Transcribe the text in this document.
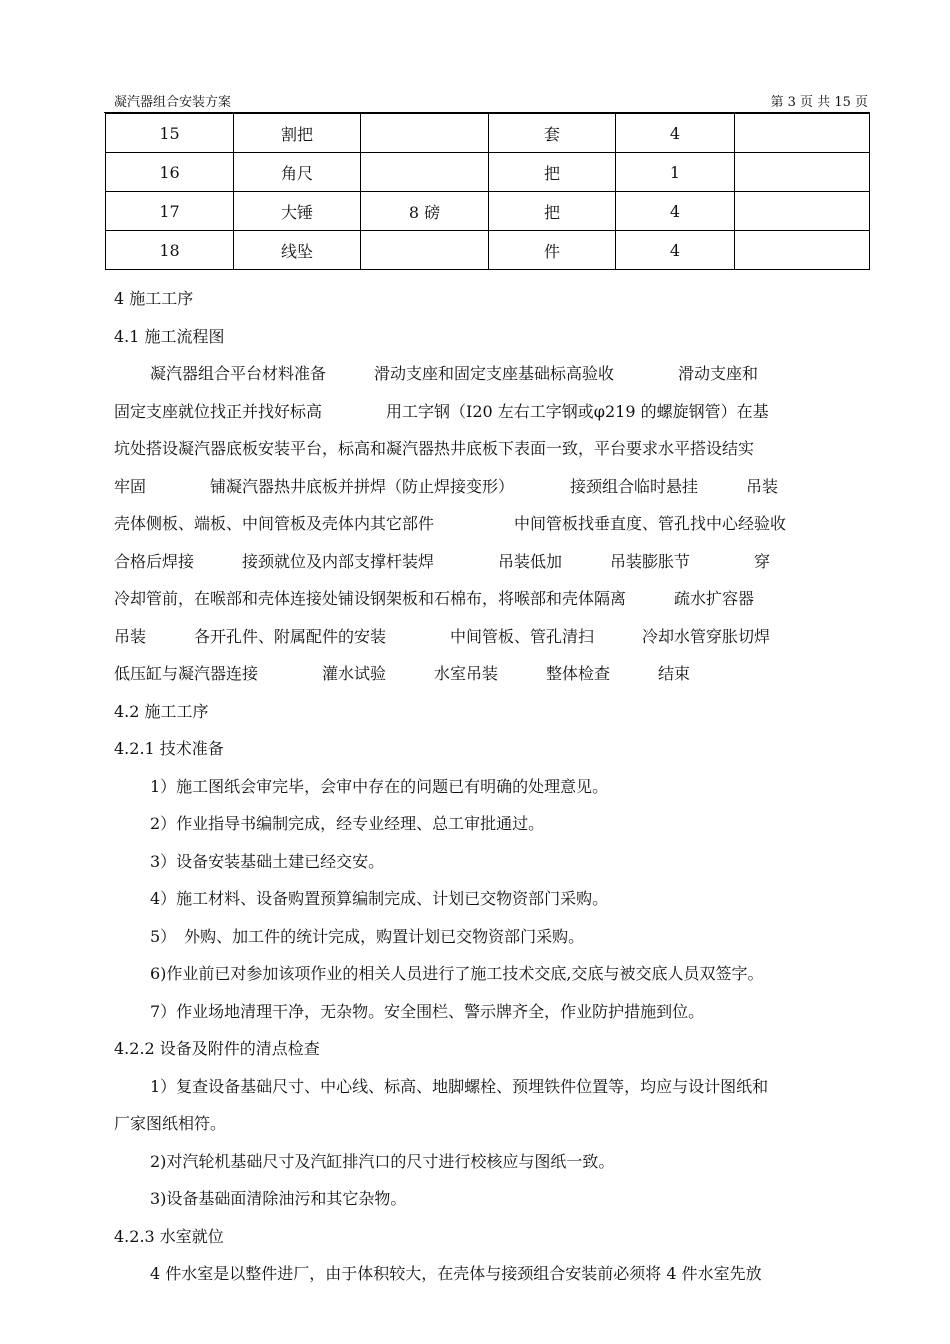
凝汽器组合安装方案	第 3 页 共 15 页
15	割把		套	4	
16	角尺		把	1	
17	大锤	8 磅	把	4	
18	线坠		件	4	
4 施工工序
4.1 施工流程图
凝汽器组合平台材料准备　　　滑动支座和固定支座基础标高验收　　　　滑动支座和
固定支座就位找正并找好标高　　　　用工字钢（I20 左右工字钢或φ219 的螺旋钢管）在基
坑处搭设凝汽器底板安装平台，标高和凝汽器热井底板下表面一致，平台要求水平搭设结实
牢固　　　　铺凝汽器热井底板并拼焊（防止焊接变形）　　　　接颈组合临时悬挂　　　吊装
壳体侧板、端板、中间管板及壳体内其它部件　　　　　中间管板找垂直度、管孔找中心经验收
合格后焊接　　　接颈就位及内部支撑杆装焊　　　　吊装低加　　　吊装膨胀节　　　　穿
冷却管前，在喉部和壳体连接处铺设钢架板和石棉布，将喉部和壳体隔离　　　疏水扩容器
吊装　　　各开孔件、附属配件的安装　　　　中间管板、管孔清扫　　　冷却水管穿胀切焊
低压缸与凝汽器连接　　　　灌水试验　　　水室吊装　　　整体检查　　　结束
4.2 施工工序
4.2.1 技术准备
1）施工图纸会审完毕，会审中存在的问题已有明确的处理意见。
2）作业指导书编制完成，经专业经理、总工审批通过。
3）设备安装基础土建已经交安。
4）施工材料、设备购置预算编制完成、计划已交物资部门采购。
5）　外购、加工件的统计完成，购置计划已交物资部门采购。
6)作业前已对参加该项作业的相关人员进行了施工技术交底,交底与被交底人员双签字。
7）作业场地清理干净，无杂物。安全围栏、警示牌齐全，作业防护措施到位。
4.2.2 设备及附件的清点检查
1）复查设备基础尺寸、中心线、标高、地脚螺栓、预埋铁件位置等，均应与设计图纸和
厂家图纸相符。
2)对汽轮机基础尺寸及汽缸排汽口的尺寸进行校核应与图纸一致。
3)设备基础面清除油污和其它杂物。
4.2.3 水室就位
4 件水室是以整件进厂，由于体积较大，在壳体与接颈组合安装前必须将 4 件水室先放
